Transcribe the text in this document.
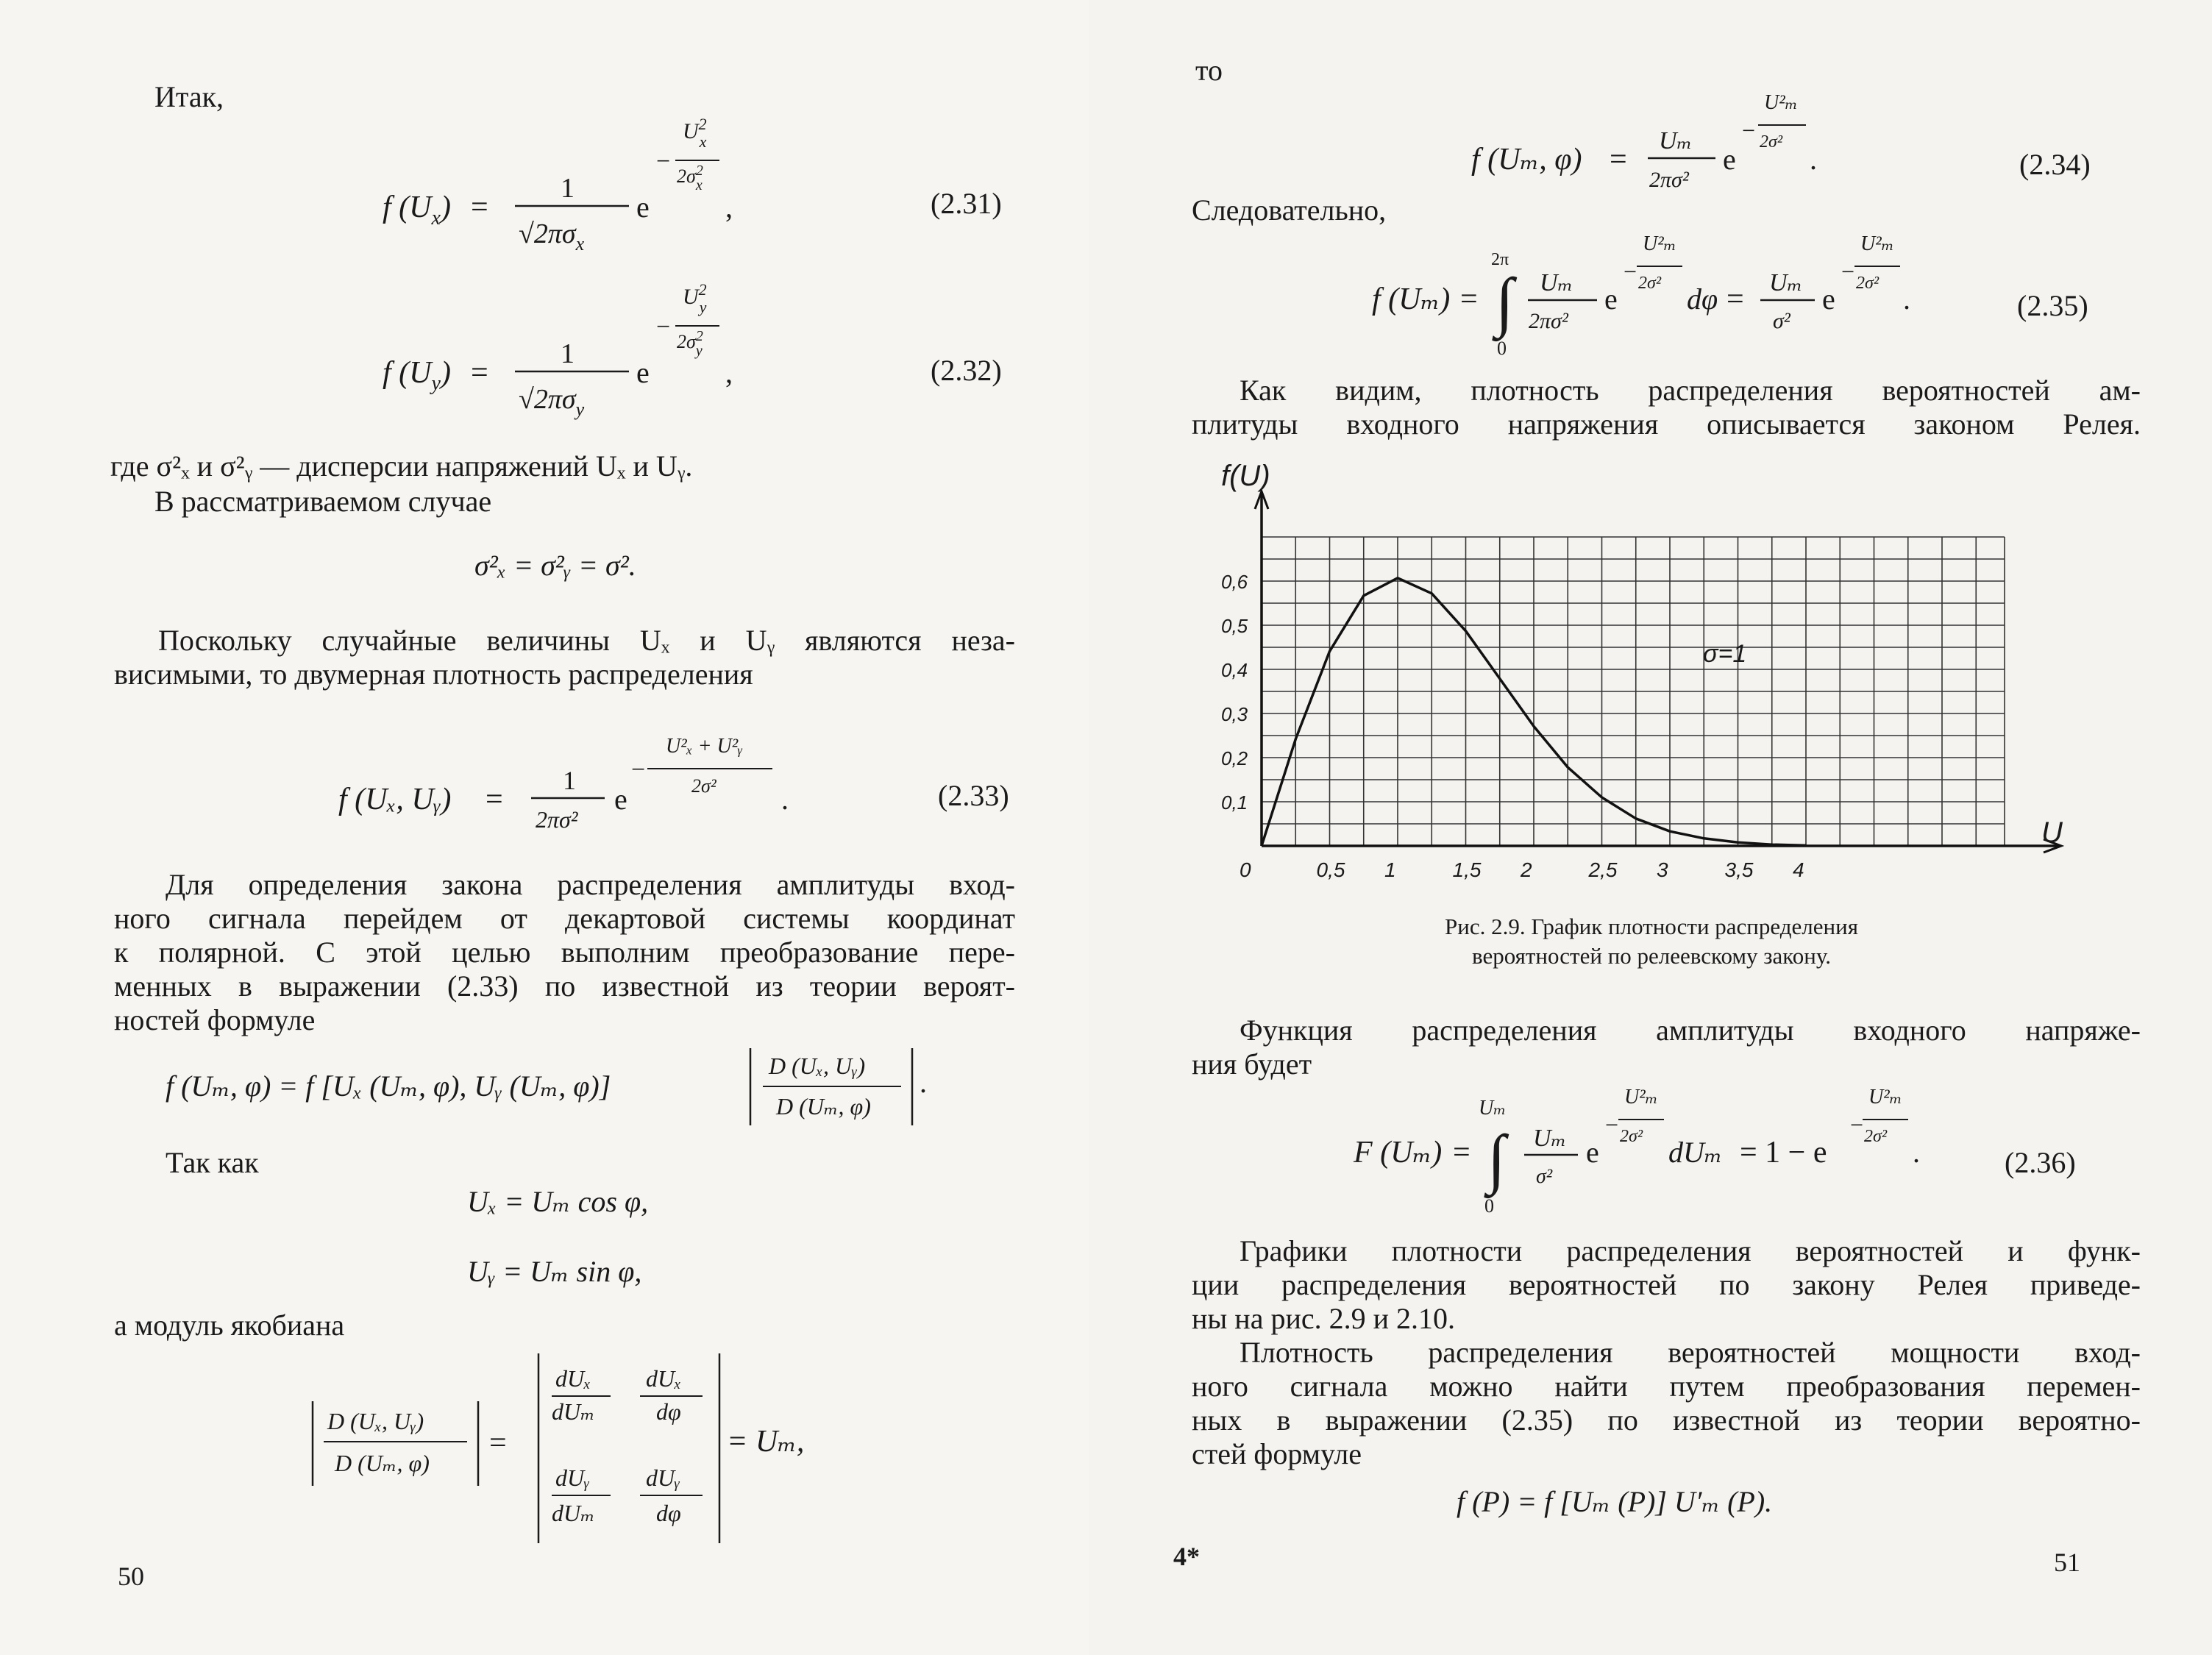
Итак,
f $(U_x)$ =
1
$√2\pi\sigma_x$
e
−
$U^2$ x
$2\sigma^2$ x
,	(2.31)
f $(U_y)$ =
1
$√2\pi\sigma_y$
e
−
$U^2$ y
$2\sigma^2$ y
,	(2.32)
где σ²ₓ и σ²ᵧ — дисперсии напряжений Uₓ и Uᵧ.
В рассматриваемом случае
σ²ₓ = σ²ᵧ = σ².
Поскольку случайные величины Uₓ и Uᵧ являются неза-
висимыми, то двумерная плотность распределения
f (Uₓ, Uᵧ) =
1
2πσ²
e
−
U²ₓ + U²ᵧ
2σ² .	(2.33)
Для определения закона распределения амплитуды вход-
ного сигнала перейдем от декартовой системы координат
к полярной. С этой целью выполним преобразование пере-
менных в выражении (2.33) по известной из теории вероят-
ностей формуле
f (Uₘ, φ) = f [Uₓ (Uₘ, φ), Uᵧ (Uₘ, φ)]
D (Uₓ, Uᵧ)
D (Uₘ, φ)
.
Так как
Uₓ = Uₘ cos φ,
Uᵧ = Uₘ sin φ,
а модуль якобиана
D (Uₓ, Uᵧ)
D (Uₘ, φ)
=
dUₓ
dUₘ
dUₓ
dφ
dUᵧ
dUₘ
dUᵧ
dφ
= Uₘ,
50
то
f (Uₘ, φ) =
Uₘ
2πσ²
e
−
U²ₘ
2σ²
.	(2.34)
Следовательно,
f (Uₘ) =
2π
0
∫ Uₘ
2πσ²
e
−
U²ₘ
2σ² dφ = Uₘ
σ²
e
−
U²ₘ
2σ² .	(2.35)
Как видим, плотность распределения вероятностей ам-
плитуды входного напряжения описывается законом Релея.
Рис. 2.9. График плотности распределения
вероятностей по релеевскому закону.
Функция распределения амплитуды входного напряже-
ния будет
F (Uₘ) =
Uₘ
0
∫ Uₘ
σ²
e
−
U²ₘ
2σ² dUₘ = 1 − e
−
U²ₘ
2σ² .	(2.36)
Графики плотности распределения вероятностей и функ-
ции распределения вероятностей по закону Релея приведе-
ны на рис. 2.9 и 2.10.
Плотность распределения вероятностей мощности вход-
ного сигнала можно найти путем преобразования перемен-
ных в выражении (2.35) по известной из теории вероятно-
стей формуле
f (P) = f [Uₘ (P)] U′ₘ (P).
4*	51
0	0,5 1	1,5 2	2,5 3	3,5 4
0,1
0,2
0,3
0,4
0,5
0,6
f(U)
U
σ=1
